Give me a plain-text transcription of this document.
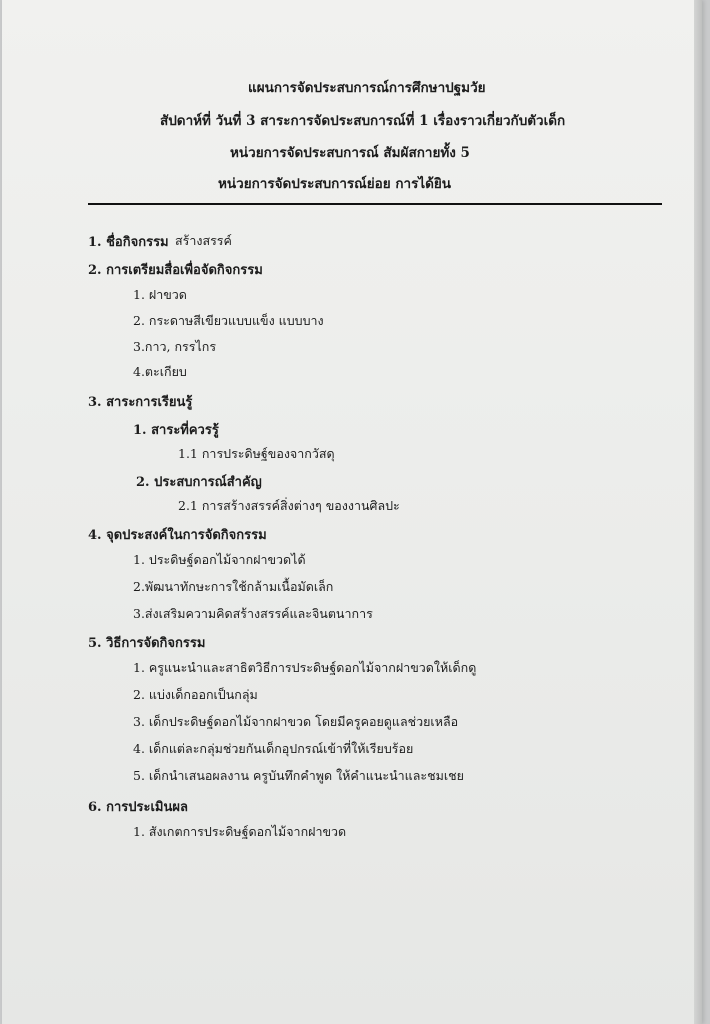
แผนการจัดประสบการณ์การศึกษาปฐมวัย
สัปดาห์ที่ วันที่ 3 สาระการจัดประสบการณ์ที่ 1 เรื่องราวเกี่ยวกับตัวเด็ก
หน่วยการจัดประสบการณ์ สัมผัสกายทั้ง 5
หน่วยการจัดประสบการณ์ย่อย การได้ยิน
1. ชื่อกิจกรรม สร้างสรรค์
2. การเตรียมสื่อเพื่อจัดกิจกรรม
1. ฝาขวด
2. กระดาษสีเขียวแบบแข็ง แบบบาง
3.กาว, กรรไกร
4.ตะเกียบ
3. สาระการเรียนรู้
1. สาระที่ควรรู้
1.1 การประดิษฐ์ของจากวัสดุ
2. ประสบการณ์สำคัญ
2.1 การสร้างสรรค์สิ่งต่างๆ ของงานศิลปะ
4. จุดประสงค์ในการจัดกิจกรรม
1. ประดิษฐ์ดอกไม้จากฝาขวดได้
2.พัฒนาทักษะการใช้กล้ามเนื้อมัดเล็ก
3.ส่งเสริมความคิดสร้างสรรค์และจินตนาการ
5. วิธีการจัดกิจกรรม
1. ครูแนะนำและสาธิตวิธีการประดิษฐ์ดอกไม้จากฝาขวดให้เด็กดู
2. แบ่งเด็กออกเป็นกลุ่ม
3. เด็กประดิษฐ์ดอกไม้จากฝาขวด โดยมีครูคอยดูแลช่วยเหลือ
4. เด็กแต่ละกลุ่มช่วยกันเด็กอุปกรณ์เข้าที่ให้เรียบร้อย
5. เด็กนำเสนอผลงาน ครูบันทึกคำพูด ให้คำแนะนำและชมเชย
6. การประเมินผล
1. สังเกตการประดิษฐ์ดอกไม้จากฝาขวด
